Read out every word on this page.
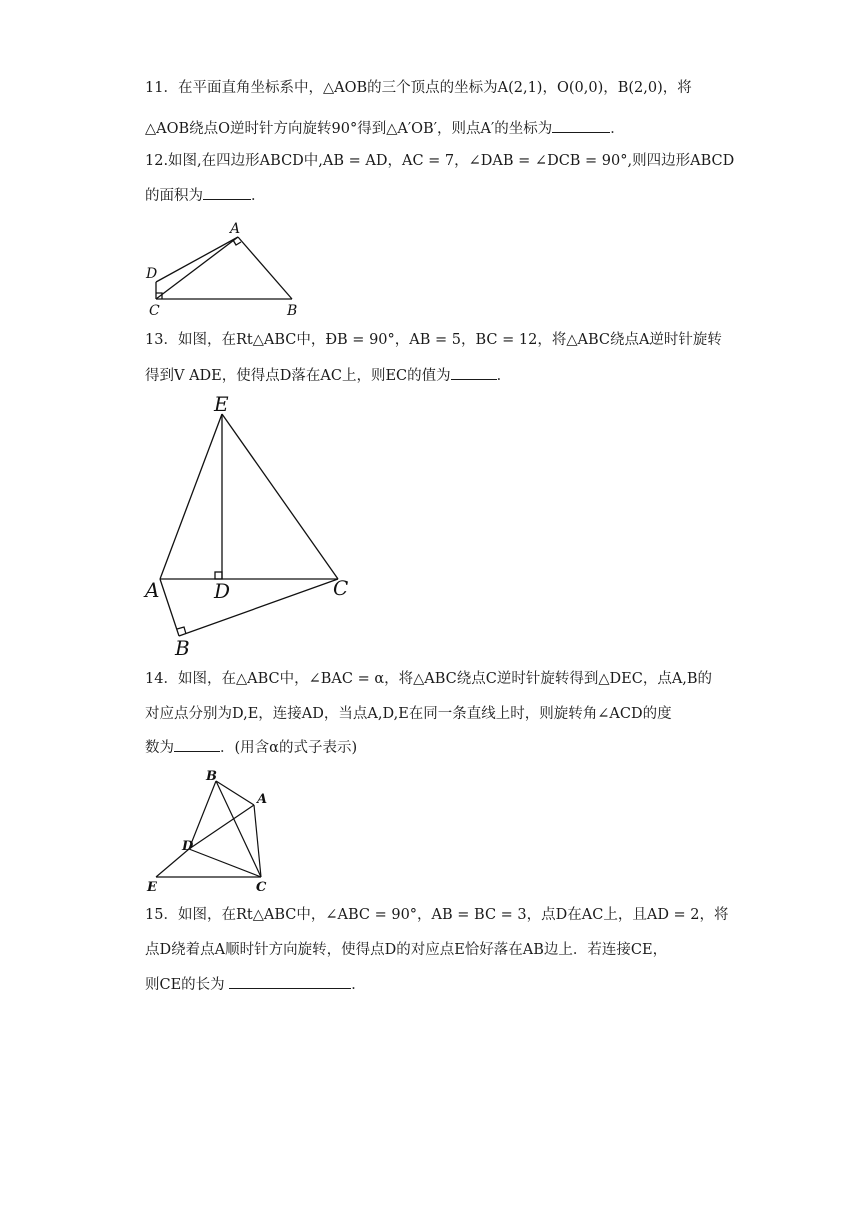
11．在平面直角坐标系中，△AOB的三个顶点的坐标为A(2,1)，O(0,0)，B(2,0)，将
△AOB绕点O逆时针方向旋转90°得到△A′OB′，则点A′的坐标为	．
12.如图,在四边形ABCD中,AB = AD，AC = 7，∠DAB = ∠DCB = 90°,则四边形ABCD
的面积为	．
A
B
C
D
13．如图，在Rt△ABC中，ÐB = 90°，AB = 5，BC = 12，将△ABC绕点A逆时针旋转
得到V ADE，使得点D落在AC上，则EC的值为	．
E
A	D	C
B
14．如图，在△ABC中，∠BAC = α，将△ABC绕点C逆时针旋转得到△DEC，点A,B的
对应点分别为D,E，连接AD，当点A,D,E在同一条直线上时，则旋转角∠ACD的度
数为	．(用含α的式子表示)
B
A
D
E	C
15．如图，在Rt△ABC中，∠ABC = 90°，AB = BC = 3，点D在AC上，且AD = 2，将
点D绕着点A顺时针方向旋转，使得点D的对应点E恰好落在AB边上．若连接CE，
则CE的长为	．
